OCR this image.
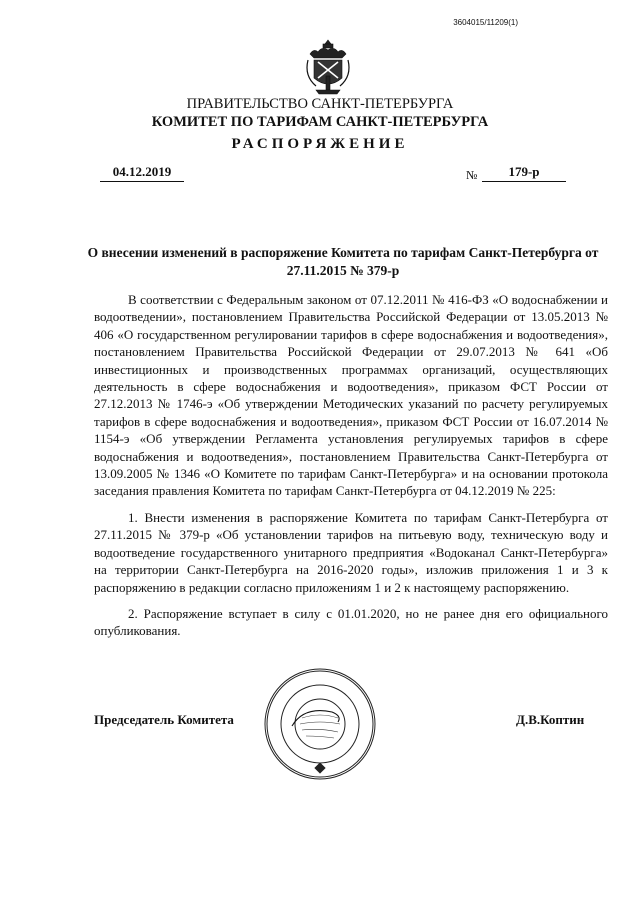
3604015/11209(1)
ПРАВИТЕЛЬСТВО САНКТ-ПЕТЕРБУРГА
КОМИТЕТ ПО ТАРИФАМ САНКТ-ПЕТЕРБУРГА
РАСПОРЯЖЕНИЕ
04.12.2019	№	179-р
О внесении изменений в распоряжение Комитета по тарифам Санкт-Петербурга от 27.11.2015 № 379-р

В соответствии с Федеральным законом от 07.12.2011 № 416-ФЗ «О водоснабжении и водоотведении», постановлением Правительства Российской Федерации от 13.05.2013 № 406 «О государственном регулировании тарифов в сфере водоснабжения и водоотведения», постановлением Правительства Российской Федерации от 29.07.2013 № 641 «Об инвестиционных и производственных программах организаций, осуществляющих деятельность в сфере водоснабжения и водоотведения», приказом ФСТ России от 27.12.2013 № 1746-э «Об утверждении Методических указаний по расчету регулируемых тарифов в сфере водоснабжения и водоотведения», приказом ФСТ России от 16.07.2014 № 1154-э «Об утверждении Регламента установления регулируемых тарифов в сфере водоснабжения и водоотведения», постановлением Правительства Санкт-Петербурга от 13.09.2005 № 1346 «О Комитете по тарифам Санкт-Петербурга» и на основании протокола заседания правления Комитета по тарифам Санкт-Петербурга от 04.12.2019 № 225:

1. Внести изменения в распоряжение Комитета по тарифам Санкт-Петербурга от 27.11.2015 № 379-р «Об установлении тарифов на питьевую воду, техническую воду и водоотведение государственного унитарного предприятия «Водоканал Санкт-Петербурга» на территории Санкт-Петербурга на 2016-2020 годы», изложив приложения 1 и 3 к распоряжению в редакции согласно приложениям 1 и 2 к настоящему распоряжению.

2. Распоряжение вступает в силу с 01.01.2020, но не ранее дня его официального опубликования.

Председатель Комитета	Д.В.Коптин
